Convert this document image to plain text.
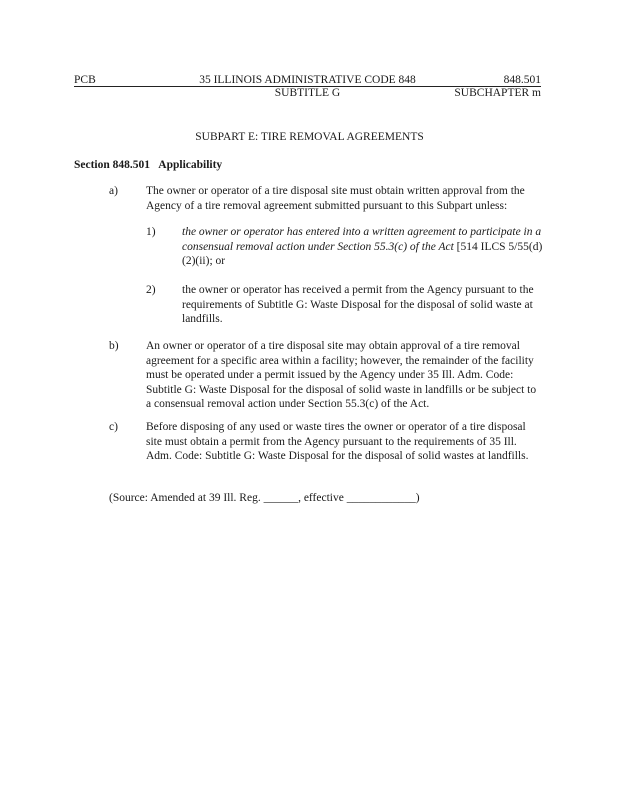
PCB	35 ILLINOIS ADMINISTRATIVE CODE 848	848.501
SUBTITLE G	SUBCHAPTER m
SUBPART E: TIRE REMOVAL AGREEMENTS
Section 848.501 Applicability
a) The owner or operator of a tire disposal site must obtain written approval from the Agency of a tire removal agreement submitted pursuant to this Subpart unless:
1) the owner or operator has entered into a written agreement to participate in a consensual removal action under Section 55.3(c) of the Act [514 ILCS 5/55(d)(2)(ii); or
2) the owner or operator has received a permit from the Agency pursuant to the requirements of Subtitle G: Waste Disposal for the disposal of solid waste at landfills.
b) An owner or operator of a tire disposal site may obtain approval of a tire removal agreement for a specific area within a facility; however, the remainder of the facility must be operated under a permit issued by the Agency under 35 Ill. Adm. Code: Subtitle G: Waste Disposal for the disposal of solid waste in landfills or be subject to a consensual removal action under Section 55.3(c) of the Act.
c) Before disposing of any used or waste tires the owner or operator of a tire disposal site must obtain a permit from the Agency pursuant to the requirements of 35 Ill. Adm. Code: Subtitle G: Waste Disposal for the disposal of solid wastes at landfills.
(Source: Amended at 39 Ill. Reg. ______, effective ____________)
